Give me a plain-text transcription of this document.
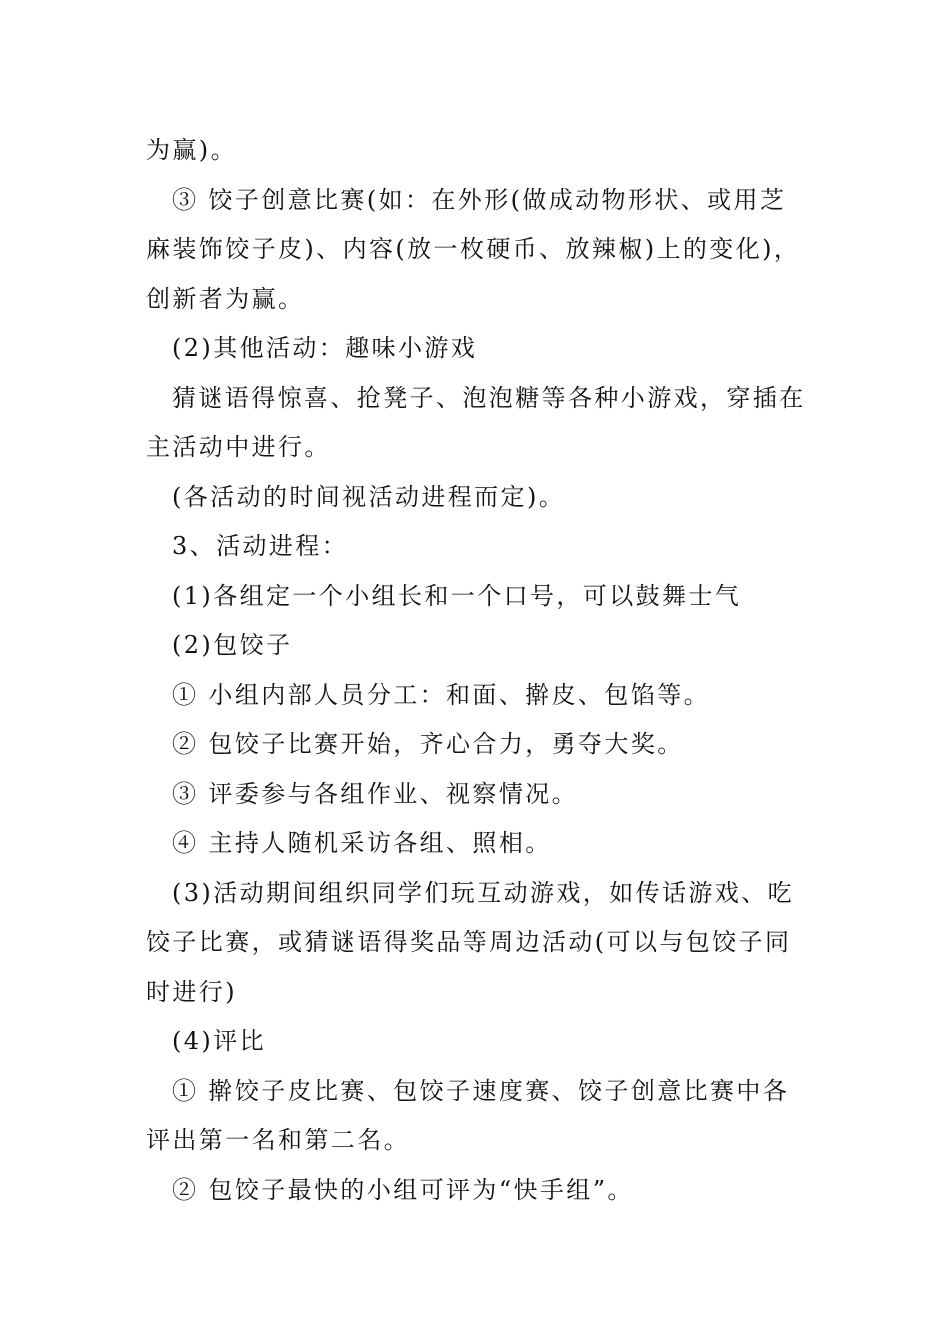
为赢)。

③ 饺子创意比赛(如：在外形(做成动物形状、或用芝麻装饰饺子皮)、内容(放一枚硬币、放辣椒)上的变化)，创新者为赢。

(2)其他活动：趣味小游戏

猜谜语得惊喜、抢凳子、泡泡糖等各种小游戏，穿插在主活动中进行。

(各活动的时间视活动进程而定)。

3、活动进程：

(1)各组定一个小组长和一个口号，可以鼓舞士气

(2)包饺子

① 小组内部人员分工：和面、擀皮、包馅等。

② 包饺子比赛开始，齐心合力，勇夺大奖。

③ 评委参与各组作业、视察情况。

④ 主持人随机采访各组、照相。

(3)活动期间组织同学们玩互动游戏，如传话游戏、吃饺子比赛，或猜谜语得奖品等周边活动(可以与包饺子同时进行)

(4)评比

① 擀饺子皮比赛、包饺子速度赛、饺子创意比赛中各评出第一名和第二名。

② 包饺子最快的小组可评为“快手组”。
